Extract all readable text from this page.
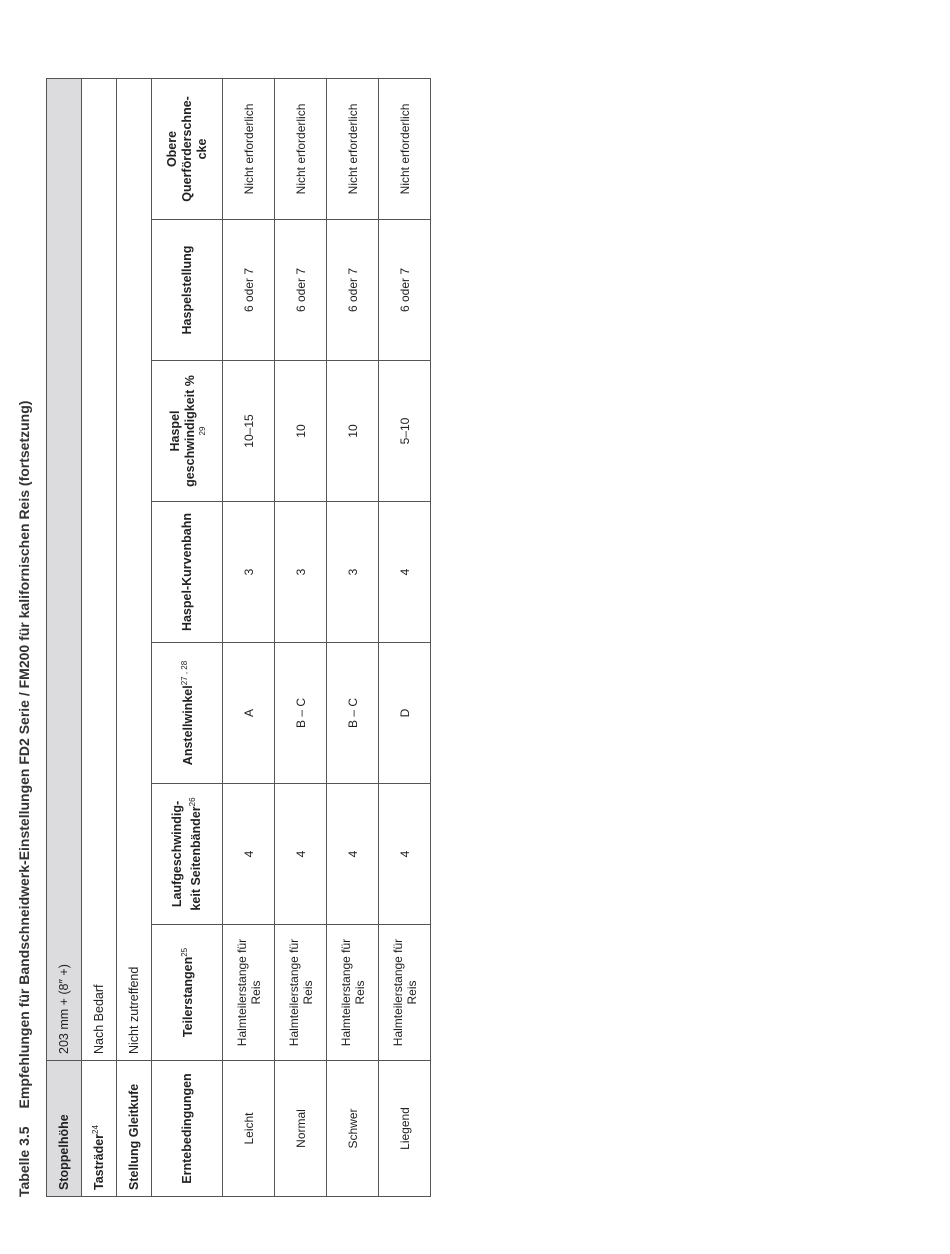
Tabelle 3.5Empfehlungen für Bandschneidwerk-Einstellungen FD2 Serie / FM200 für kalifornischen Reis (fortsetzung)
Stoppelhöhe	203 mm + (8″ +)						
Tasträder$^{24}$	Nach Bedarf						
Stellung Gleitkufe	Nicht zutreffend						
Erntebedingungen	Teilerstangen$^{25}$	Laufgeschwindig- keit Seitenbänder$^{26}$	Anstellwinkel$^{27 , 28}$	Haspel-Kurvenbahn	Haspel geschwindigkeit % 29	Haspelstellung	Obere Querförderschne- cke
Leicht	Halmteilerstange für Reis	4	A	3	10–15	6 oder 7	Nicht erforderlich
Normal	Halmteilerstange für Reis	4	B – C	3	10	6 oder 7	Nicht erforderlich
Schwer	Halmteilerstange für Reis	4	B – C	3	10	6 oder 7	Nicht erforderlich
Liegend	Halmteilerstange für Reis	4	D	4	5–10	6 oder 7	Nicht erforderlich
